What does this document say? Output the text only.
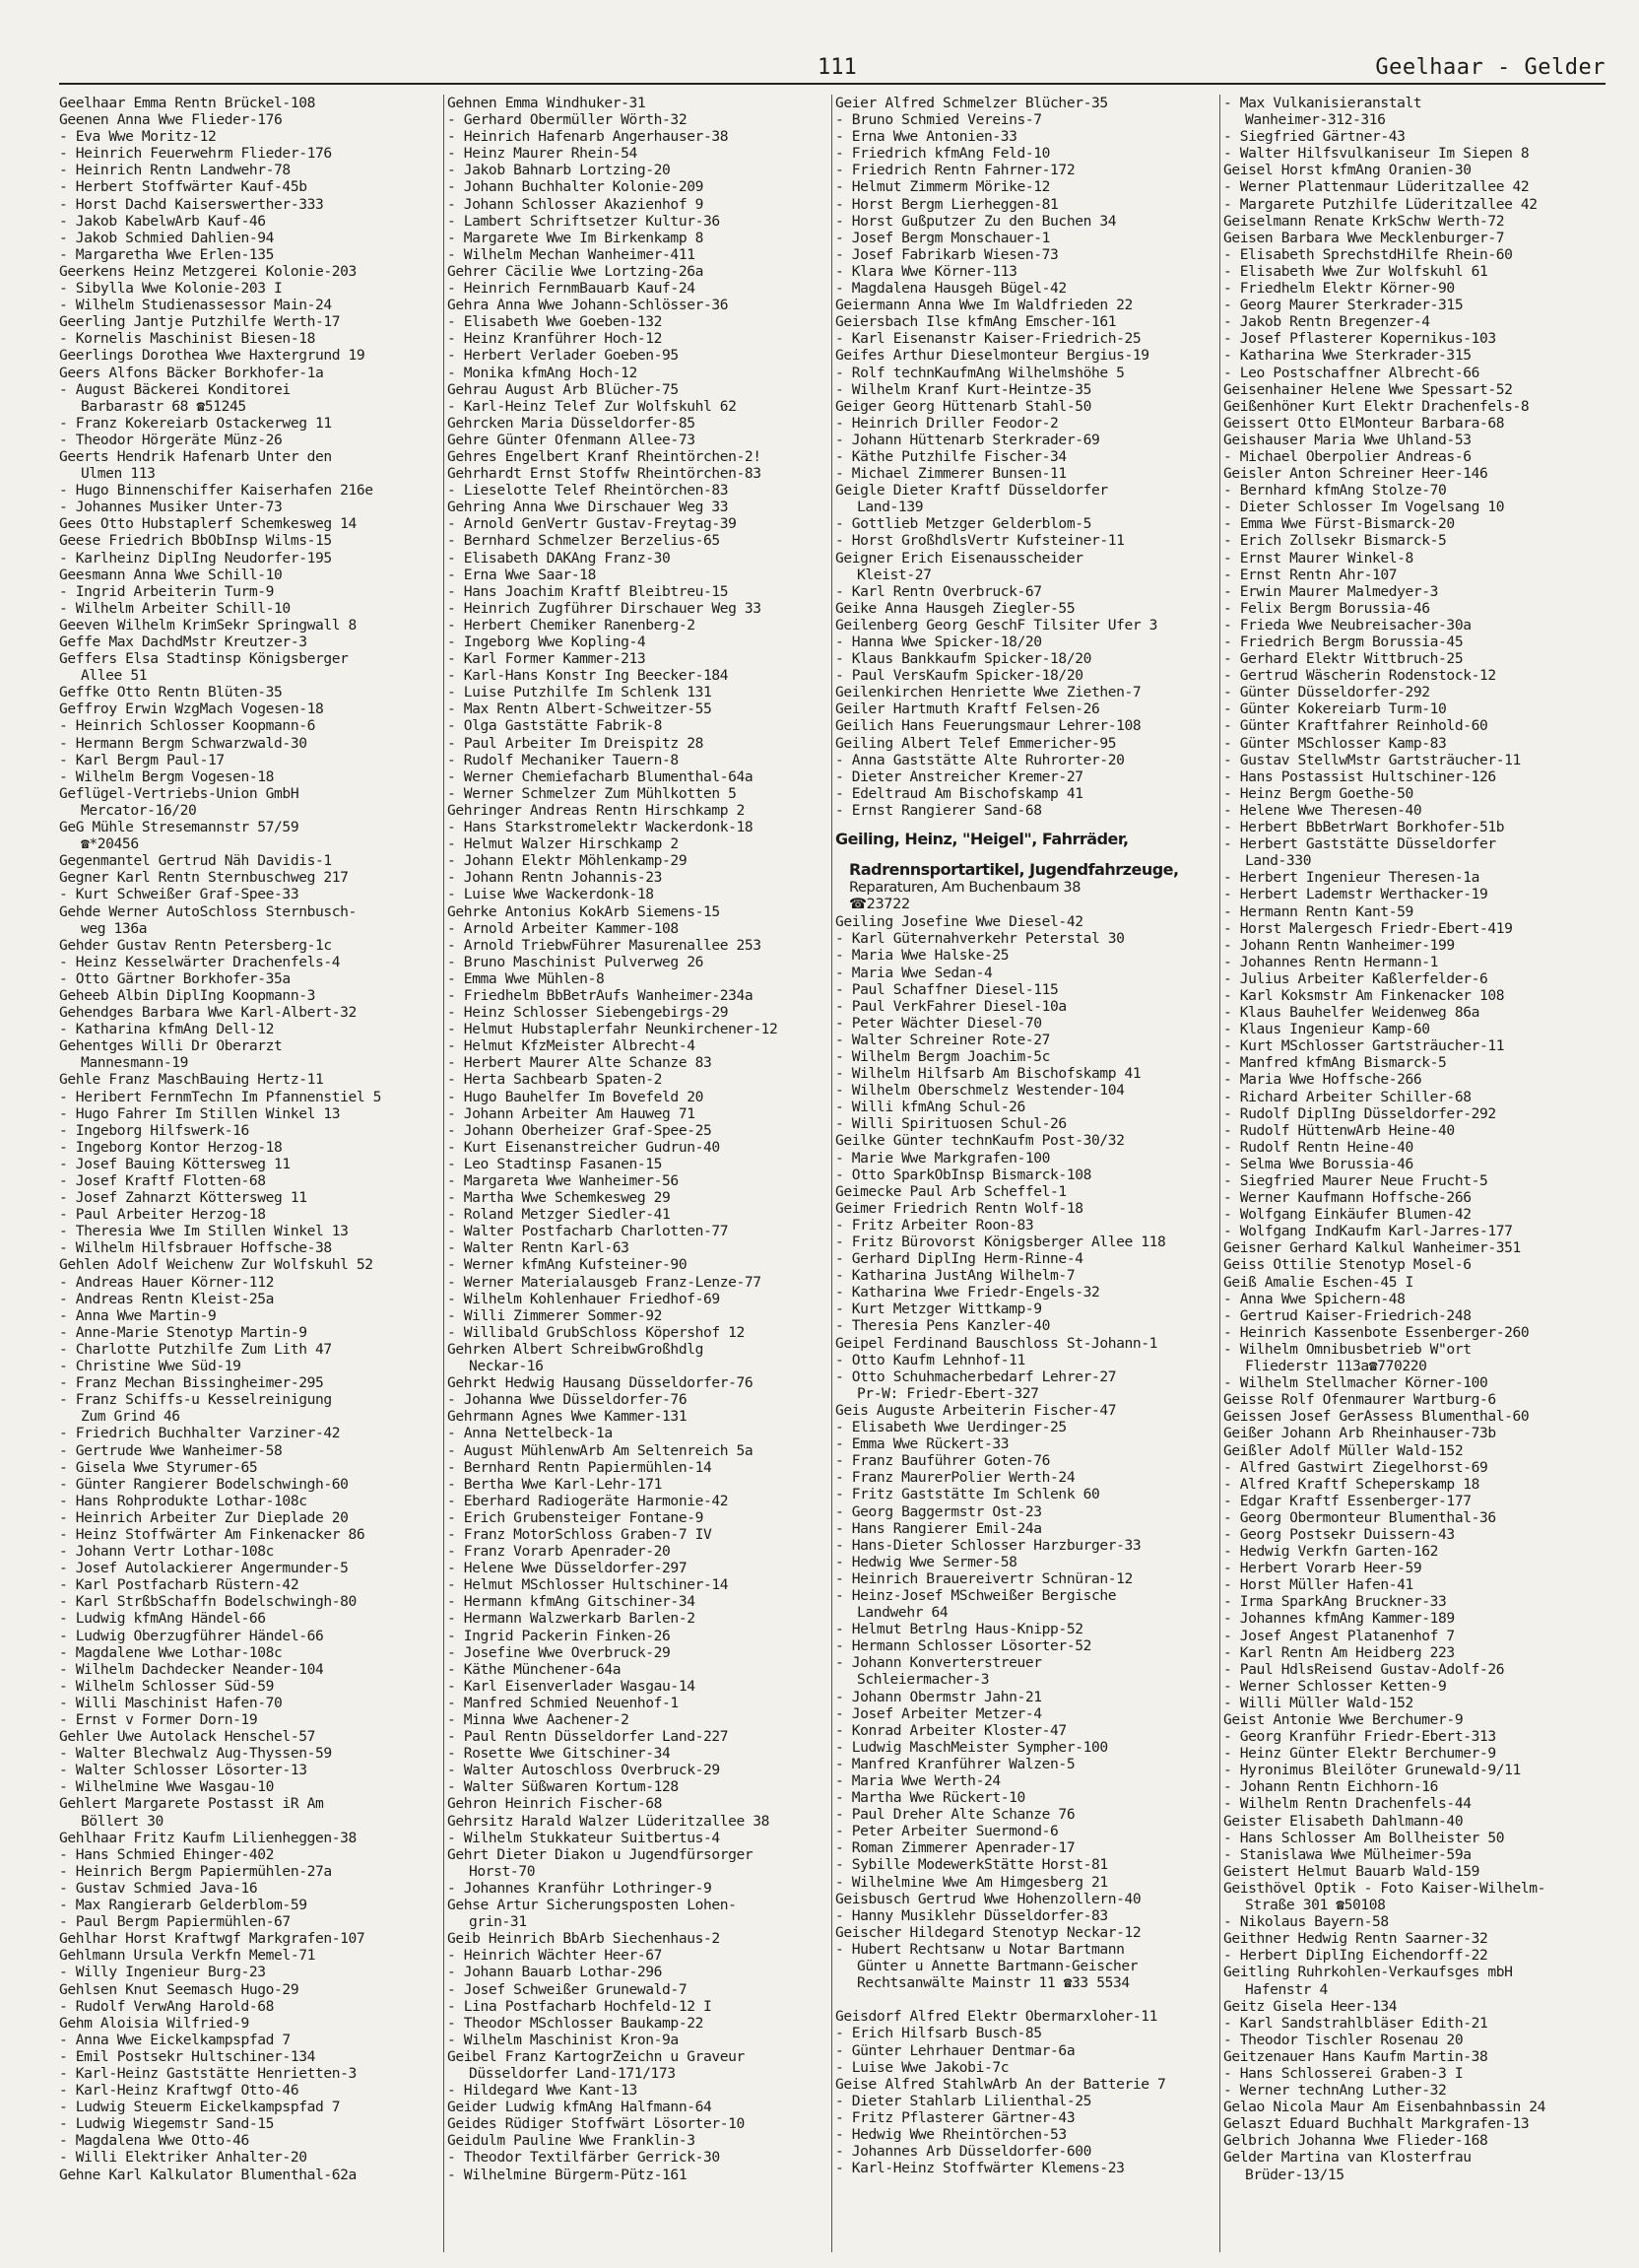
111	Geelhaar - Gelder
Geelhaar Emma Rentn Brückel-108
Geenen Anna Wwe Flieder-176
- Eva Wwe Moritz-12
- Heinrich Feuerwehrm Flieder-176
- Heinrich Rentn Landwehr-78
- Herbert Stoffwärter Kauf-45b
- Horst Dachd Kaiserswerther-333
- Jakob KabelwArb Kauf-46
- Jakob Schmied Dahlien-94
- Margaretha Wwe Erlen-135
Geerkens Heinz Metzgerei Kolonie-203
- Sibylla Wwe Kolonie-203 I
- Wilhelm Studienassessor Main-24
Geerling Jantje Putzhilfe Werth-17
- Kornelis Maschinist Biesen-18
Geerlings Dorothea Wwe Haxtergrund 19
Geers Alfons Bäcker Borkhofer-1a
- August Bäckerei Konditorei
Barbarastr 68 ☎51245
- Franz Kokereiarb Ostackerweg 11
- Theodor Hörgeräte Münz-26
Geerts Hendrik Hafenarb Unter den
Ulmen 113
- Hugo Binnenschiffer Kaiserhafen 216e
- Johannes Musiker Unter-73
Gees Otto Hubstaplerf Schemkesweg 14
Geese Friedrich BbObInsp Wilms-15
- Karlheinz DiplIng Neudorfer-195
Geesmann Anna Wwe Schill-10
- Ingrid Arbeiterin Turm-9
- Wilhelm Arbeiter Schill-10
Geeven Wilhelm KrimSekr Springwall 8
Geffe Max DachdMstr Kreutzer-3
Geffers Elsa Stadtinsp Königsberger
Allee 51
Geffke Otto Rentn Blüten-35
Geffroy Erwin WzgMach Vogesen-18
- Heinrich Schlosser Koopmann-6
- Hermann Bergm Schwarzwald-30
- Karl Bergm Paul-17
- Wilhelm Bergm Vogesen-18
Geflügel-Vertriebs-Union GmbH
Mercator-16/20
GeG Mühle Stresemannstr 57/59
☎*20456
Gegenmantel Gertrud Näh Davidis-1
Gegner Karl Rentn Sternbuschweg 217
- Kurt Schweißer Graf-Spee-33
Gehde Werner AutoSchloss Sternbusch-
weg 136a
Gehder Gustav Rentn Petersberg-1c
- Heinz Kesselwärter Drachenfels-4
- Otto Gärtner Borkhofer-35a
Geheeb Albin DiplIng Koopmann-3
Gehendges Barbara Wwe Karl-Albert-32
- Katharina kfmAng Dell-12
Gehentges Willi Dr Oberarzt
Mannesmann-19
Gehle Franz MaschBauing Hertz-11
- Heribert FernmTechn Im Pfannenstiel 5
- Hugo Fahrer Im Stillen Winkel 13
- Ingeborg Hilfswerk-16
- Ingeborg Kontor Herzog-18
- Josef Bauing Köttersweg 11
- Josef Kraftf Flotten-68
- Josef Zahnarzt Köttersweg 11
- Paul Arbeiter Herzog-18
- Theresia Wwe Im Stillen Winkel 13
- Wilhelm Hilfsbrauer Hoffsche-38
Gehlen Adolf Weichenw Zur Wolfskuhl 52
- Andreas Hauer Körner-112
- Andreas Rentn Kleist-25a
- Anna Wwe Martin-9
- Anne-Marie Stenotyp Martin-9
- Charlotte Putzhilfe Zum Lith 47
- Christine Wwe Süd-19
- Franz Mechan Bissingheimer-295
- Franz Schiffs-u Kesselreinigung
Zum Grind 46
- Friedrich Buchhalter Varziner-42
- Gertrude Wwe Wanheimer-58
- Gisela Wwe Styrumer-65
- Günter Rangierer Bodelschwingh-60
- Hans Rohprodukte Lothar-108c
- Heinrich Arbeiter Zur Dieplade 20
- Heinz Stoffwärter Am Finkenacker 86
- Johann Vertr Lothar-108c
- Josef Autolackierer Angermunder-5
- Karl Postfacharb Rüstern-42
- Karl StrßbSchaffn Bodelschwingh-80
- Ludwig kfmAng Händel-66
- Ludwig Oberzugführer Händel-66
- Magdalene Wwe Lothar-108c
- Wilhelm Dachdecker Neander-104
- Wilhelm Schlosser Süd-59
- Willi Maschinist Hafen-70
- Ernst v Former Dorn-19
Gehler Uwe Autolack Henschel-57
- Walter Blechwalz Aug-Thyssen-59
- Walter Schlosser Lösorter-13
- Wilhelmine Wwe Wasgau-10
Gehlert Margarete Postasst iR Am
Böllert 30
Gehlhaar Fritz Kaufm Lilienheggen-38
- Hans Schmied Ehinger-402
- Heinrich Bergm Papiermühlen-27a
- Gustav Schmied Java-16
- Max Rangierarb Gelderblom-59
- Paul Bergm Papiermühlen-67
Gehlhar Horst Kraftwgf Markgrafen-107
Gehlmann Ursula Verkfn Memel-71
- Willy Ingenieur Burg-23
Gehlsen Knut Seemasch Hugo-29
- Rudolf VerwAng Harold-68
Gehm Aloisia Wilfried-9
- Anna Wwe Eickelkampspfad 7
- Emil Postsekr Hultschiner-134
- Karl-Heinz Gaststätte Henrietten-3
- Karl-Heinz Kraftwgf Otto-46
- Ludwig Steuerm Eickelkampspfad 7
- Ludwig Wiegemstr Sand-15
- Magdalena Wwe Otto-46
- Willi Elektriker Anhalter-20
Gehne Karl Kalkulator Blumenthal-62a
Gehnen Emma Windhuker-31
- Gerhard Obermüller Wörth-32
- Heinrich Hafenarb Angerhauser-38
- Heinz Maurer Rhein-54
- Jakob Bahnarb Lortzing-20
- Johann Buchhalter Kolonie-209
- Johann Schlosser Akazienhof 9
- Lambert Schriftsetzer Kultur-36
- Margarete Wwe Im Birkenkamp 8
- Wilhelm Mechan Wanheimer-411
Gehrer Cäcilie Wwe Lortzing-26a
- Heinrich FernmBauarb Kauf-24
Gehra Anna Wwe Johann-Schlösser-36
- Elisabeth Wwe Goeben-132
- Heinz Kranführer Hoch-12
- Herbert Verlader Goeben-95
- Monika kfmAng Hoch-12
Gehrau August Arb Blücher-75
- Karl-Heinz Telef Zur Wolfskuhl 62
Gehrcken Maria Düsseldorfer-85
Gehre Günter Ofenmann Allee-73
Gehres Engelbert Kranf Rheintörchen-2!
Gehrhardt Ernst Stoffw Rheintörchen-83
- Lieselotte Telef Rheintörchen-83
Gehring Anna Wwe Dirschauer Weg 33
- Arnold GenVertr Gustav-Freytag-39
- Bernhard Schmelzer Berzelius-65
- Elisabeth DAKAng Franz-30
- Erna Wwe Saar-18
- Hans Joachim Kraftf Bleibtreu-15
- Heinrich Zugführer Dirschauer Weg 33
- Herbert Chemiker Ranenberg-2
- Ingeborg Wwe Kopling-4
- Karl Former Kammer-213
- Karl-Hans Konstr Ing Beecker-184
- Luise Putzhilfe Im Schlenk 131
- Max Rentn Albert-Schweitzer-55
- Olga Gaststätte Fabrik-8
- Paul Arbeiter Im Dreispitz 28
- Rudolf Mechaniker Tauern-8
- Werner Chemiefacharb Blumenthal-64a
- Werner Schmelzer Zum Mühlkotten 5
Gehringer Andreas Rentn Hirschkamp 2
- Hans Starkstromelektr Wackerdonk-18
- Helmut Walzer Hirschkamp 2
- Johann Elektr Möhlenkamp-29
- Johann Rentn Johannis-23
- Luise Wwe Wackerdonk-18
Gehrke Antonius KokArb Siemens-15
- Arnold Arbeiter Kammer-108
- Arnold TriebwFührer Masurenallee 253
- Bruno Maschinist Pulverweg 26
- Emma Wwe Mühlen-8
- Friedhelm BbBetrAufs Wanheimer-234a
- Heinz Schlosser Siebengebirgs-29
- Helmut Hubstaplerfahr Neunkirchener-12
- Helmut KfzMeister Albrecht-4
- Herbert Maurer Alte Schanze 83
- Herta Sachbearb Spaten-2
- Hugo Bauhelfer Im Bovefeld 20
- Johann Arbeiter Am Hauweg 71
- Johann Oberheizer Graf-Spee-25
- Kurt Eisenanstreicher Gudrun-40
- Leo Stadtinsp Fasanen-15
- Margareta Wwe Wanheimer-56
- Martha Wwe Schemkesweg 29
- Roland Metzger Siedler-41
- Walter Postfacharb Charlotten-77
- Walter Rentn Karl-63
- Werner kfmAng Kufsteiner-90
- Werner Materialausgeb Franz-Lenze-77
- Wilhelm Kohlenhauer Friedhof-69
- Willi Zimmerer Sommer-92
- Willibald GrubSchloss Köpershof 12
Gehrken Albert SchreibwGroßhdlg
Neckar-16
Gehrkt Hedwig Hausang Düsseldorfer-76
- Johanna Wwe Düsseldorfer-76
Gehrmann Agnes Wwe Kammer-131
- Anna Nettelbeck-1a
- August MühlenwArb Am Seltenreich 5a
- Bernhard Rentn Papiermühlen-14
- Bertha Wwe Karl-Lehr-171
- Eberhard Radiogeräte Harmonie-42
- Erich Grubensteiger Fontane-9
- Franz MotorSchloss Graben-7 IV
- Franz Vorarb Apenrader-20
- Helene Wwe Düsseldorfer-297
- Helmut MSchlosser Hultschiner-14
- Hermann kfmAng Gitschiner-34
- Hermann Walzwerkarb Barlen-2
- Ingrid Packerin Finken-26
- Josefine Wwe Overbruck-29
- Käthe Münchener-64a
- Karl Eisenverlader Wasgau-14
- Manfred Schmied Neuenhof-1
- Minna Wwe Aachener-2
- Paul Rentn Düsseldorfer Land-227
- Rosette Wwe Gitschiner-34
- Walter Autoschloss Overbruck-29
- Walter Süßwaren Kortum-128
Gehron Heinrich Fischer-68
Gehrsitz Harald Walzer Lüderitzallee 38
- Wilhelm Stukkateur Suitbertus-4
Gehrt Dieter Diakon u Jugendfürsorger
Horst-70
- Johannes Kranführ Lothringer-9
Gehse Artur Sicherungsposten Lohen-
grin-31
Geib Heinrich BbArb Siechenhaus-2
- Heinrich Wächter Heer-67
- Johann Bauarb Lothar-296
- Josef Schweißer Grunewald-7
- Lina Postfacharb Hochfeld-12 I
- Theodor MSchlosser Baukamp-22
- Wilhelm Maschinist Kron-9a
Geibel Franz KartogrZeichn u Graveur
Düsseldorfer Land-171/173
- Hildegard Wwe Kant-13
Geider Ludwig kfmAng Halfmann-64
Geides Rüdiger Stoffwärt Lösorter-10
Geidulm Pauline Wwe Franklin-3
- Theodor Textilfärber Gerrick-30
- Wilhelmine Bürgerm-Pütz-161
Geier Alfred Schmelzer Blücher-35
- Bruno Schmied Vereins-7
- Erna Wwe Antonien-33
- Friedrich kfmAng Feld-10
- Friedrich Rentn Fahrner-172
- Helmut Zimmerm Mörike-12
- Horst Bergm Lierheggen-81
- Horst Gußputzer Zu den Buchen 34
- Josef Bergm Monschauer-1
- Josef Fabrikarb Wiesen-73
- Klara Wwe Körner-113
- Magdalena Hausgeh Bügel-42
Geiermann Anna Wwe Im Waldfrieden 22
Geiersbach Ilse kfmAng Emscher-161
- Karl Eisenanstr Kaiser-Friedrich-25
Geifes Arthur Dieselmonteur Bergius-19
- Rolf technKaufmAng Wilhelmshöhe 5
- Wilhelm Kranf Kurt-Heintze-35
Geiger Georg Hüttenarb Stahl-50
- Heinrich Driller Feodor-2
- Johann Hüttenarb Sterkrader-69
- Käthe Putzhilfe Fischer-34
- Michael Zimmerer Bunsen-11
Geigle Dieter Kraftf Düsseldorfer
Land-139
- Gottlieb Metzger Gelderblom-5
- Horst GroßhdlsVertr Kufsteiner-11
Geigner Erich Eisenausscheider
Kleist-27
- Karl Rentn Overbruck-67
Geike Anna Hausgeh Ziegler-55
Geilenberg Georg GeschF Tilsiter Ufer 3
- Hanna Wwe Spicker-18/20
- Klaus Bankkaufm Spicker-18/20
- Paul VersKaufm Spicker-18/20
Geilenkirchen Henriette Wwe Ziethen-7
Geiler Hartmuth Kraftf Felsen-26
Geilich Hans Feuerungsmaur Lehrer-108
Geiling Albert Telef Emmericher-95
- Anna Gaststätte Alte Ruhrorter-20
- Dieter Anstreicher Kremer-27
- Edeltraud Am Bischofskamp 41
- Ernst Rangierer Sand-68
Geiling, Heinz, "Heigel", Fahrräder,
Radrennsportartikel, Jugendfahrzeuge,
Reparaturen, Am Buchenbaum 38
☎23722
Geiling Josefine Wwe Diesel-42
- Karl Güternahverkehr Peterstal 30
- Maria Wwe Halske-25
- Maria Wwe Sedan-4
- Paul Schaffner Diesel-115
- Paul VerkFahrer Diesel-10a
- Peter Wächter Diesel-70
- Walter Schreiner Rote-27
- Wilhelm Bergm Joachim-5c
- Wilhelm Hilfsarb Am Bischofskamp 41
- Wilhelm Oberschmelz Westender-104
- Willi kfmAng Schul-26
- Willi Spirituosen Schul-26
Geilke Günter technKaufm Post-30/32
- Marie Wwe Markgrafen-100
- Otto SparkObInsp Bismarck-108
Geimecke Paul Arb Scheffel-1
Geimer Friedrich Rentn Wolf-18
- Fritz Arbeiter Roon-83
- Fritz Bürovorst Königsberger Allee 118
- Gerhard DiplIng Herm-Rinne-4
- Katharina JustAng Wilhelm-7
- Katharina Wwe Friedr-Engels-32
- Kurt Metzger Wittkamp-9
- Theresia Pens Kanzler-40
Geipel Ferdinand Bauschloss St-Johann-1
- Otto Kaufm Lehnhof-11
- Otto Schuhmacherbedarf Lehrer-27
Pr-W: Friedr-Ebert-327
Geis Auguste Arbeiterin Fischer-47
- Elisabeth Wwe Uerdinger-25
- Emma Wwe Rückert-33
- Franz Bauführer Goten-76
- Franz MaurerPolier Werth-24
- Fritz Gaststätte Im Schlenk 60
- Georg Baggermstr Ost-23
- Hans Rangierer Emil-24a
- Hans-Dieter Schlosser Harzburger-33
- Hedwig Wwe Sermer-58
- Heinrich Brauereivertr Schnüran-12
- Heinz-Josef MSchweißer Bergische
Landwehr 64
- Helmut Betrlng Haus-Knipp-52
- Hermann Schlosser Lösorter-52
- Johann Konverterstreuer
Schleiermacher-3
- Johann Obermstr Jahn-21
- Josef Arbeiter Metzer-4
- Konrad Arbeiter Kloster-47
- Ludwig MaschMeister Sympher-100
- Manfred Kranführer Walzen-5
- Maria Wwe Werth-24
- Martha Wwe Rückert-10
- Paul Dreher Alte Schanze 76
- Peter Arbeiter Suermond-6
- Roman Zimmerer Apenrader-17
- Sybille ModewerkStätte Horst-81
- Wilhelmine Wwe Am Himgesberg 21
Geisbusch Gertrud Wwe Hohenzollern-40
- Hanny Musiklehr Düsseldorfer-83
Geischer Hildegard Stenotyp Neckar-12
- Hubert Rechtsanw u Notar Bartmann
Günter u Annette Bartmann-Geischer
Rechtsanwälte Mainstr 11 ☎33 5534

Geisdorf Alfred Elektr Obermarxloher-11
- Erich Hilfsarb Busch-85
- Günter Lehrhauer Dentmar-6a
- Luise Wwe Jakobi-7c
Geise Alfred StahlwArb An der Batterie 7
- Dieter Stahlarb Lilienthal-25
- Fritz Pflasterer Gärtner-43
- Hedwig Wwe Rheintörchen-53
- Johannes Arb Düsseldorfer-600
- Karl-Heinz Stoffwärter Klemens-23
- Max Vulkanisieranstalt
Wanheimer-312-316
- Siegfried Gärtner-43
- Walter Hilfsvulkaniseur Im Siepen 8
Geisel Horst kfmAng Oranien-30
- Werner Plattenmaur Lüderitzallee 42
- Margarete Putzhilfe Lüderitzallee 42
Geiselmann Renate KrkSchw Werth-72
Geisen Barbara Wwe Mecklenburger-7
- Elisabeth SprechstdHilfe Rhein-60
- Elisabeth Wwe Zur Wolfskuhl 61
- Friedhelm Elektr Körner-90
- Georg Maurer Sterkrader-315
- Jakob Rentn Bregenzer-4
- Josef Pflasterer Kopernikus-103
- Katharina Wwe Sterkrader-315
- Leo Postschaffner Albrecht-66
Geisenhainer Helene Wwe Spessart-52
Geißenhöner Kurt Elektr Drachenfels-8
Geissert Otto ElMonteur Barbara-68
Geishauser Maria Wwe Uhland-53
- Michael Oberpolier Andreas-6
Geisler Anton Schreiner Heer-146
- Bernhard kfmAng Stolze-70
- Dieter Schlosser Im Vogelsang 10
- Emma Wwe Fürst-Bismarck-20
- Erich Zollsekr Bismarck-5
- Ernst Maurer Winkel-8
- Ernst Rentn Ahr-107
- Erwin Maurer Malmedyer-3
- Felix Bergm Borussia-46
- Frieda Wwe Neubreisacher-30a
- Friedrich Bergm Borussia-45
- Gerhard Elektr Wittbruch-25
- Gertrud Wäscherin Rodenstock-12
- Günter Düsseldorfer-292
- Günter Kokereiarb Turm-10
- Günter Kraftfahrer Reinhold-60
- Günter MSchlosser Kamp-83
- Gustav StellwMstr Gartsträucher-11
- Hans Postassist Hultschiner-126
- Heinz Bergm Goethe-50
- Helene Wwe Theresen-40
- Herbert BbBetrWart Borkhofer-51b
- Herbert Gaststätte Düsseldorfer
Land-330
- Herbert Ingenieur Theresen-1a
- Herbert Lademstr Werthacker-19
- Hermann Rentn Kant-59
- Horst Malergesch Friedr-Ebert-419
- Johann Rentn Wanheimer-199
- Johannes Rentn Hermann-1
- Julius Arbeiter Kaßlerfelder-6
- Karl Koksmstr Am Finkenacker 108
- Klaus Bauhelfer Weidenweg 86a
- Klaus Ingenieur Kamp-60
- Kurt MSchlosser Gartsträucher-11
- Manfred kfmAng Bismarck-5
- Maria Wwe Hoffsche-266
- Richard Arbeiter Schiller-68
- Rudolf DiplIng Düsseldorfer-292
- Rudolf HüttenwArb Heine-40
- Rudolf Rentn Heine-40
- Selma Wwe Borussia-46
- Siegfried Maurer Neue Frucht-5
- Werner Kaufmann Hoffsche-266
- Wolfgang Einkäufer Blumen-42
- Wolfgang IndKaufm Karl-Jarres-177
Geisner Gerhard Kalkul Wanheimer-351
Geiss Ottilie Stenotyp Mosel-6
Geiß Amalie Eschen-45 I
- Anna Wwe Spichern-48
- Gertrud Kaiser-Friedrich-248
- Heinrich Kassenbote Essenberger-260
- Wilhelm Omnibusbetrieb W"ort
Fliederstr 113a☎770220
- Wilhelm Stellmacher Körner-100
Geisse Rolf Ofenmaurer Wartburg-6
Geissen Josef GerAssess Blumenthal-60
Geißer Johann Arb Rheinhauser-73b
Geißler Adolf Müller Wald-152
- Alfred Gastwirt Ziegelhorst-69
- Alfred Kraftf Scheperskamp 18
- Edgar Kraftf Essenberger-177
- Georg Obermonteur Blumenthal-36
- Georg Postsekr Duissern-43
- Hedwig Verkfn Garten-162
- Herbert Vorarb Heer-59
- Horst Müller Hafen-41
- Irma SparkAng Bruckner-33
- Johannes kfmAng Kammer-189
- Josef Angest Platanenhof 7
- Karl Rentn Am Heidberg 223
- Paul HdlsReisend Gustav-Adolf-26
- Werner Schlosser Ketten-9
- Willi Müller Wald-152
Geist Antonie Wwe Berchumer-9
- Georg Kranführ Friedr-Ebert-313
- Heinz Günter Elektr Berchumer-9
- Hyronimus Bleilöter Grunewald-9/11
- Johann Rentn Eichhorn-16
- Wilhelm Rentn Drachenfels-44
Geister Elisabeth Dahlmann-40
- Hans Schlosser Am Bollheister 50
- Stanislawa Wwe Mülheimer-59a
Geistert Helmut Bauarb Wald-159
Geisthövel Optik - Foto Kaiser-Wilhelm-
Straße 301 ☎50108
- Nikolaus Bayern-58
Geithner Hedwig Rentn Saarner-32
- Herbert DiplIng Eichendorff-22
Geitling Ruhrkohlen-Verkaufsges mbH
Hafenstr 4
Geitz Gisela Heer-134
- Karl Sandstrahlbläser Edith-21
- Theodor Tischler Rosenau 20
Geitzenauer Hans Kaufm Martin-38
- Hans Schlosserei Graben-3 I
- Werner technAng Luther-32
Gelao Nicola Maur Am Eisenbahnbassin 24
Gelaszt Eduard Buchhalt Markgrafen-13
Gelbrich Johanna Wwe Flieder-168
Gelder Martina van Klosterfrau
Brüder-13/15
